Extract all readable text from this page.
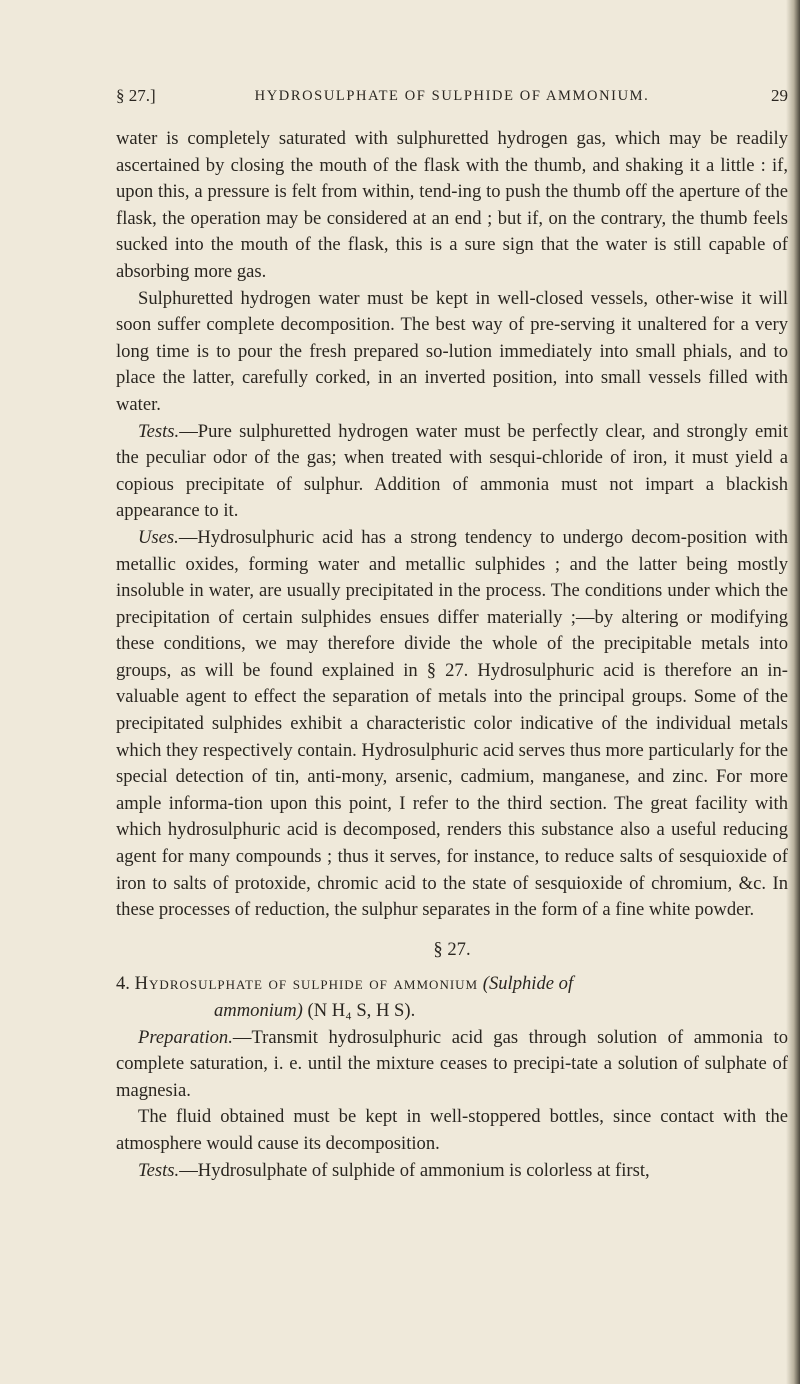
§ 27.]	HYDROSULPHATE OF SULPHIDE OF AMMONIUM.	29

water is completely saturated with sulphuretted hydrogen gas, which may be readily ascertained by closing the mouth of the flask with the thumb, and shaking it a little : if, upon this, a pressure is felt from within, tend-ing to push the thumb off the aperture of the flask, the operation may be considered at an end ; but if, on the contrary, the thumb feels sucked into the mouth of the flask, this is a sure sign that the water is still capable of absorbing more gas.

Sulphuretted hydrogen water must be kept in well-closed vessels, other-wise it will soon suffer complete decomposition. The best way of pre-serving it unaltered for a very long time is to pour the fresh prepared so-lution immediately into small phials, and to place the latter, carefully corked, in an inverted position, into small vessels filled with water.

Tests.—Pure sulphuretted hydrogen water must be perfectly clear, and strongly emit the peculiar odor of the gas; when treated with sesqui-chloride of iron, it must yield a copious precipitate of sulphur. Addition of ammonia must not impart a blackish appearance to it.

Uses.—Hydrosulphuric acid has a strong tendency to undergo decom-position with metallic oxides, forming water and metallic sulphides ; and the latter being mostly insoluble in water, are usually precipitated in the process. The conditions under which the precipitation of certain sulphides ensues differ materially ;—by altering or modifying these conditions, we may therefore divide the whole of the precipitable metals into groups, as will be found explained in § 27. Hydrosulphuric acid is therefore an in-valuable agent to effect the separation of metals into the principal groups. Some of the precipitated sulphides exhibit a characteristic color indicative of the individual metals which they respectively contain. Hydrosulphuric acid serves thus more particularly for the special detection of tin, anti-mony, arsenic, cadmium, manganese, and zinc. For more ample informa-tion upon this point, I refer to the third section. The great facility with which hydrosulphuric acid is decomposed, renders this substance also a useful reducing agent for many compounds ; thus it serves, for instance, to reduce salts of sesquioxide of iron to salts of protoxide, chromic acid to the state of sesquioxide of chromium, &c. In these processes of reduction, the sulphur separates in the form of a fine white powder.

§ 27.

4. Hydrosulphate of sulphide of ammonium (Sulphide of
ammonium) (N H₄ S, H S).

Preparation.—Transmit hydrosulphuric acid gas through solution of ammonia to complete saturation, i. e. until the mixture ceases to precipi-tate a solution of sulphate of magnesia.

The fluid obtained must be kept in well-stoppered bottles, since contact with the atmosphere would cause its decomposition.

Tests.—Hydrosulphate of sulphide of ammonium is colorless at first,
